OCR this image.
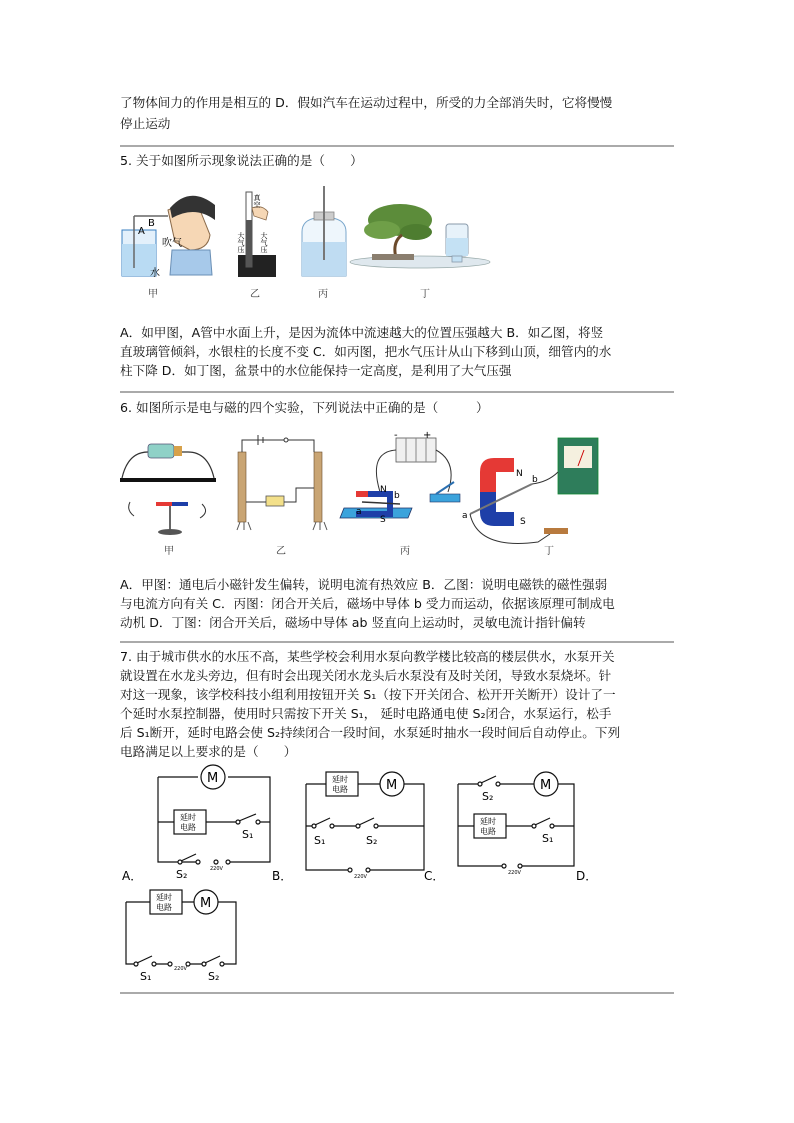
了物体间力的作用是相互的 D．假如汽车在运动过程中，所受的力全部消失时，它将慢慢
停止运动
5. 关于如图所示现象说法正确的是（　　）
A
B
吹气
水
甲
真空
大气压 大气压
乙	丙	丁
A．如甲图，A管中水面上升，是因为流体中流速越大的位置压强越大 B．如乙图，将竖
直玻璃管倾斜，水银柱的长度不变 C．如丙图，把水气压计从山下移到山顶，细管内的水
柱下降 D．如丁图，盆景中的水位能保持一定高度，是利用了大气压强
6. 如图所示是电与磁的四个实验，下列说法中正确的是（　　　）
甲	乙
-	+
N
S
b
a
丙
N
S
b
a
丁
A．甲图：通电后小磁针发生偏转，说明电流有热效应 B．乙图：说明电磁铁的磁性强弱
与电流方向有关 C．丙图：闭合开关后，磁场中导体 b 受力而运动，依据该原理可制成电
动机 D．丁图：闭合开关后，磁场中导体 ab 竖直向上运动时，灵敏电流计指针偏转
7. 由于城市供水的水压不高，某些学校会利用水泵向教学楼比较高的楼层供水，水泵开关
就设置在水龙头旁边，但有时会出现关闭水龙头后水泵没有及时关闭，导致水泵烧坏。针
对这一现象，该学校科技小组利用按钮开关 S₁（按下开关闭合、松开开关断开）设计了一
个延时水泵控制器，使用时只需按下开关 S₁， 延时电路通电使 S₂闭合，水泵运行，松手
后 S₁断开，延时电路会使 S₂持续闭合一段时间，水泵延时抽水一段时间后自动停止。下列
电路满足以上要求的是（　　）
M
延时
电路
S₁
S₂	220V
A．
延时
电路	M
S₁	S₂
220V
B．
S₂
M
延时
电路
S₁
220V
C．
延时
电路 M
S₁
220V
S₂
D．
